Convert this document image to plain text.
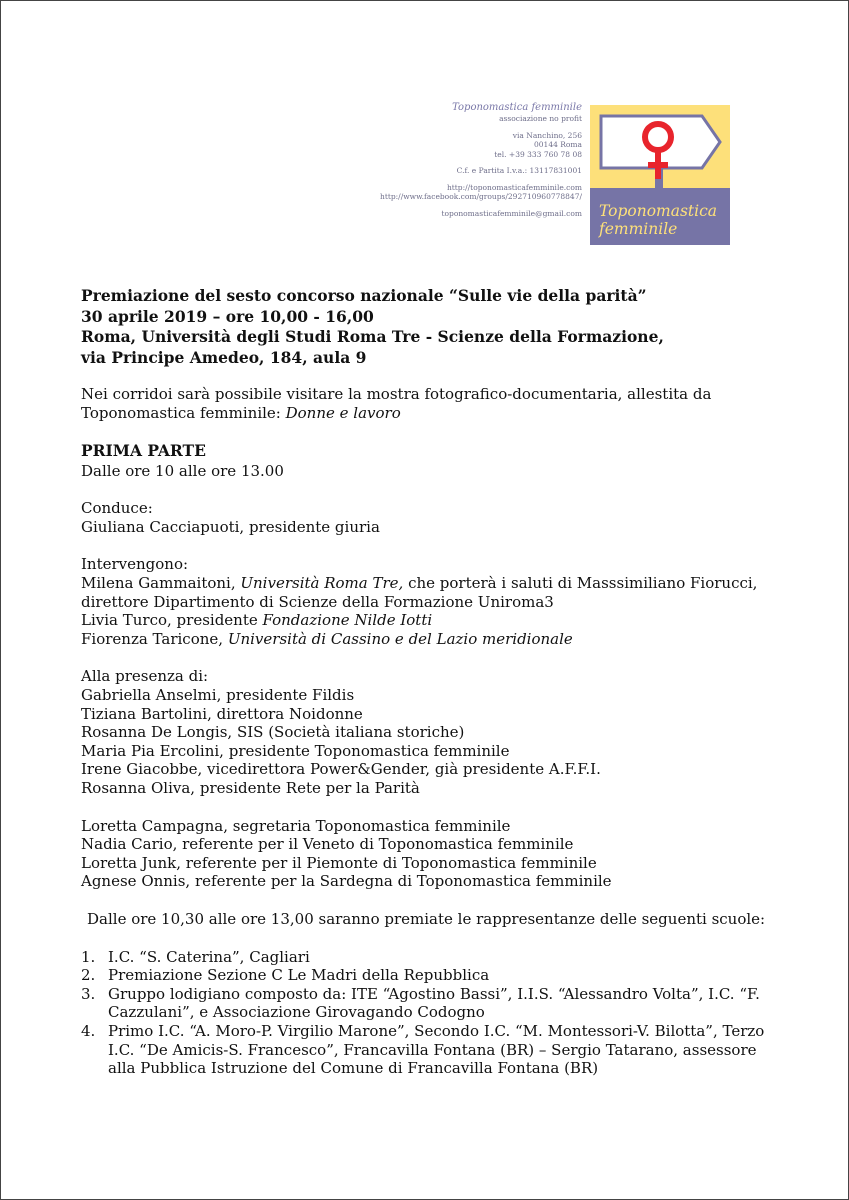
Toponomastica femminile
associazione no profit
via Nanchino, 256
00144 Roma
tel. +39 333 760 78 08
C.f. e Partita I.v.a.: 13117831001
http://toponomasticafemminile.com
http://www.facebook.com/groups/292710960778847/
toponomasticafemminile@gmail.com Toponomastica
femminile
Premiazione del sesto concorso nazionale “Sulle vie della parità”
30 aprile 2019 – ore 10,00 - 16,00
Roma, Università degli Studi Roma Tre - Scienze della Formazione,
via Principe Amedeo, 184, aula 9

Nei corridoi sarà possibile visitare la mostra fotografico-documentaria, allestita da Toponomastica femminile: Donne e lavoro

PRIMA PARTE

Dalle ore 10 alle ore 13.00

Conduce:

Giuliana Cacciapuoti, presidente giuria

Intervengono:

Milena Gammaitoni, Università Roma Tre, che porterà i saluti di Masssimiliano Fiorucci,

direttore Dipartimento di Scienze della Formazione Uniroma3

Livia Turco, presidente Fondazione Nilde Iotti

Fiorenza Taricone, Università di Cassino e del Lazio meridionale

Alla presenza di:

Gabriella Anselmi, presidente Fildis

Tiziana Bartolini, direttora Noidonne

Rosanna De Longis, SIS (Società italiana storiche)

Maria Pia Ercolini, presidente Toponomastica femminile

Irene Giacobbe, vicedirettora Power&Gender, già presidente A.F.F.I.

Rosanna Oliva, presidente Rete per la Parità

Loretta Campagna, segretaria Toponomastica femminile

Nadia Cario, referente per il Veneto di Toponomastica femminile

Loretta Junk, referente per il Piemonte di Toponomastica femminile

Agnese Onnis, referente per la Sardegna di Toponomastica femminile

Dalle ore 10,30 alle ore 13,00 saranno premiate le rappresentanze delle seguenti scuole:

1. I.C. “S. Caterina”, Cagliari
2. Premiazione Sezione C Le Madri della Repubblica
3. Gruppo lodigiano composto da: ITE “Agostino Bassi”, I.I.S. “Alessandro Volta”, I.C. “F. Cazzulani”, e Associazione Girovagando Codogno
4. Primo I.C. “A. Moro-P. Virgilio Marone”, Secondo I.C. “M. Montessori-V. Bilotta”, Terzo I.C. “De Amicis-S. Francesco”, Francavilla Fontana (BR) – Sergio Tatarano, assessore alla Pubblica Istruzione del Comune di Francavilla Fontana (BR)
